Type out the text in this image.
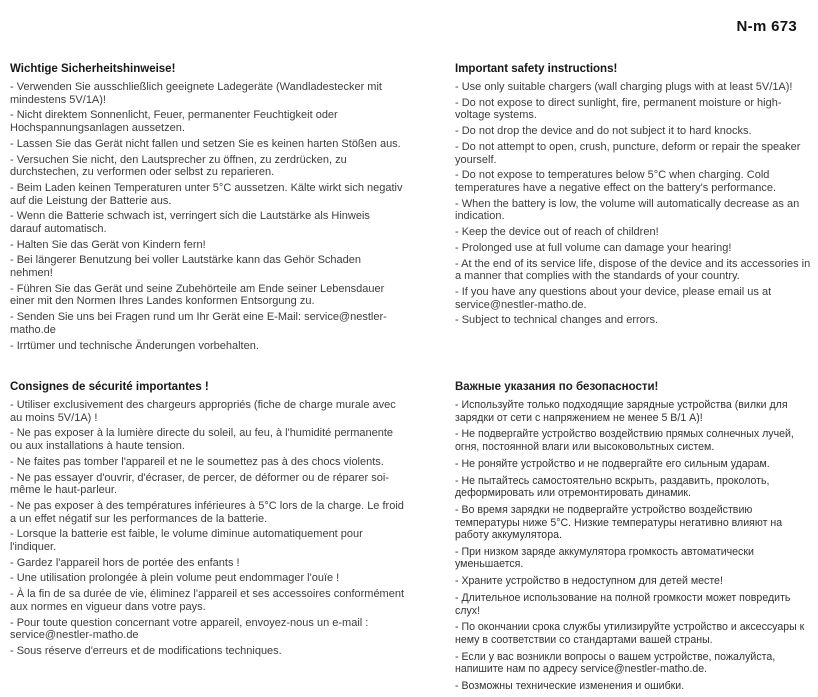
N-m 673
Wichtige Sicherheitshinweise!

- Verwenden Sie ausschließlich geeignete Ladegeräte (Wandladestecker mit mindestens 5V/1A)!

- Nicht direktem Sonnenlicht, Feuer, permanenter Feuchtigkeit oder Hochspannungsanlagen aussetzen.

- Lassen Sie das Gerät nicht fallen und setzen Sie es keinen harten Stößen aus.

- Versuchen Sie nicht, den Lautsprecher zu öffnen, zu zerdrücken, zu durchstechen, zu verformen oder selbst zu reparieren.

- Beim Laden keinen Temperaturen unter 5°C aussetzen. Kälte wirkt sich negativ auf die Leistung der Batterie aus.

- Wenn die Batterie schwach ist, verringert sich die Lautstärke als Hinweis darauf automatisch.

- Halten Sie das Gerät von Kindern fern!

- Bei längerer Benutzung bei voller Lautstärke kann das Gehör Schaden nehmen!

- Führen Sie das Gerät und seine Zubehörteile am Ende seiner Lebensdauer einer mit den Normen Ihres Landes konformen Entsorgung zu.

- Senden Sie uns bei Fragen rund um Ihr Gerät eine E-Mail: service@nestler-matho.de

- Irrtümer und technische Änderungen vorbehalten.

Important safety instructions!

- Use only suitable chargers (wall charging plugs with at least 5V/1A)!

- Do not expose to direct sunlight, fire, permanent moisture or high-voltage systems.

- Do not drop the device and do not subject it to hard knocks.

- Do not attempt to open, crush, puncture, deform or repair the speaker yourself.

- Do not expose to temperatures below 5°C when charging. Cold temperatures have a negative effect on the battery's performance.

- When the battery is low, the volume will automatically decrease as an indication.

- Keep the device out of reach of children!

- Prolonged use at full volume can damage your hearing!

- At the end of its service life, dispose of the device and its accessories in a manner that complies with the standards of your country.

- If you have any questions about your device, please email us at service@nestler-matho.de.

- Subject to technical changes and errors.

Consignes de sécurité importantes !

- Utiliser exclusivement des chargeurs appropriés (fiche de charge murale avec au moins 5V/1A) !

- Ne pas exposer à la lumière directe du soleil, au feu, à l'humidité permanente ou aux installations à haute tension.

- Ne faites pas tomber l'appareil et ne le soumettez pas à des chocs violents.

- Ne pas essayer d'ouvrir, d'écraser, de percer, de déformer ou de réparer soi-même le haut-parleur.

- Ne pas exposer à des températures inférieures à 5°C lors de la charge. Le froid a un effet négatif sur les performances de la batterie.

- Lorsque la batterie est faible, le volume diminue automatiquement pour l'indiquer.

- Gardez l'appareil hors de portée des enfants !

- Une utilisation prolongée à plein volume peut endommager l'ouïe !

- À la fin de sa durée de vie, éliminez l'appareil et ses accessoires conformément aux normes en vigueur dans votre pays.

- Pour toute question concernant votre appareil, envoyez-nous un e-mail : service@nestler-matho.de

- Sous réserve d'erreurs et de modifications techniques.

Важные указания по безопасности!

- Используйте только подходящие зарядные устройства (вилки для зарядки от сети с напряжением не менее 5 В/1 А)!

- Не подвергайте устройство воздействию прямых солнечных лучей, огня, постоянной влаги или высоковольтных систем.

- Не роняйте устройство и не подвергайте его сильным ударам.

- Не пытайтесь самостоятельно вскрыть, раздавить, проколоть, деформировать или отремонтировать динамик.

- Во время зарядки не подвергайте устройство воздействию температуры ниже 5°C. Низкие температуры негативно влияют на работу аккумулятора.

- При низком заряде аккумулятора громкость автоматически уменьшается.

- Храните устройство в недоступном для детей месте!

- Длительное использование на полной громкости может повредить слух!

- По окончании срока службы утилизируйте устройство и аксессуары к нему в соответствии со стандартами вашей страны.

- Если у вас возникли вопросы о вашем устройстве, пожалуйста, напишите нам по адресу service@nestler-matho.de.

- Возможны технические изменения и ошибки.
